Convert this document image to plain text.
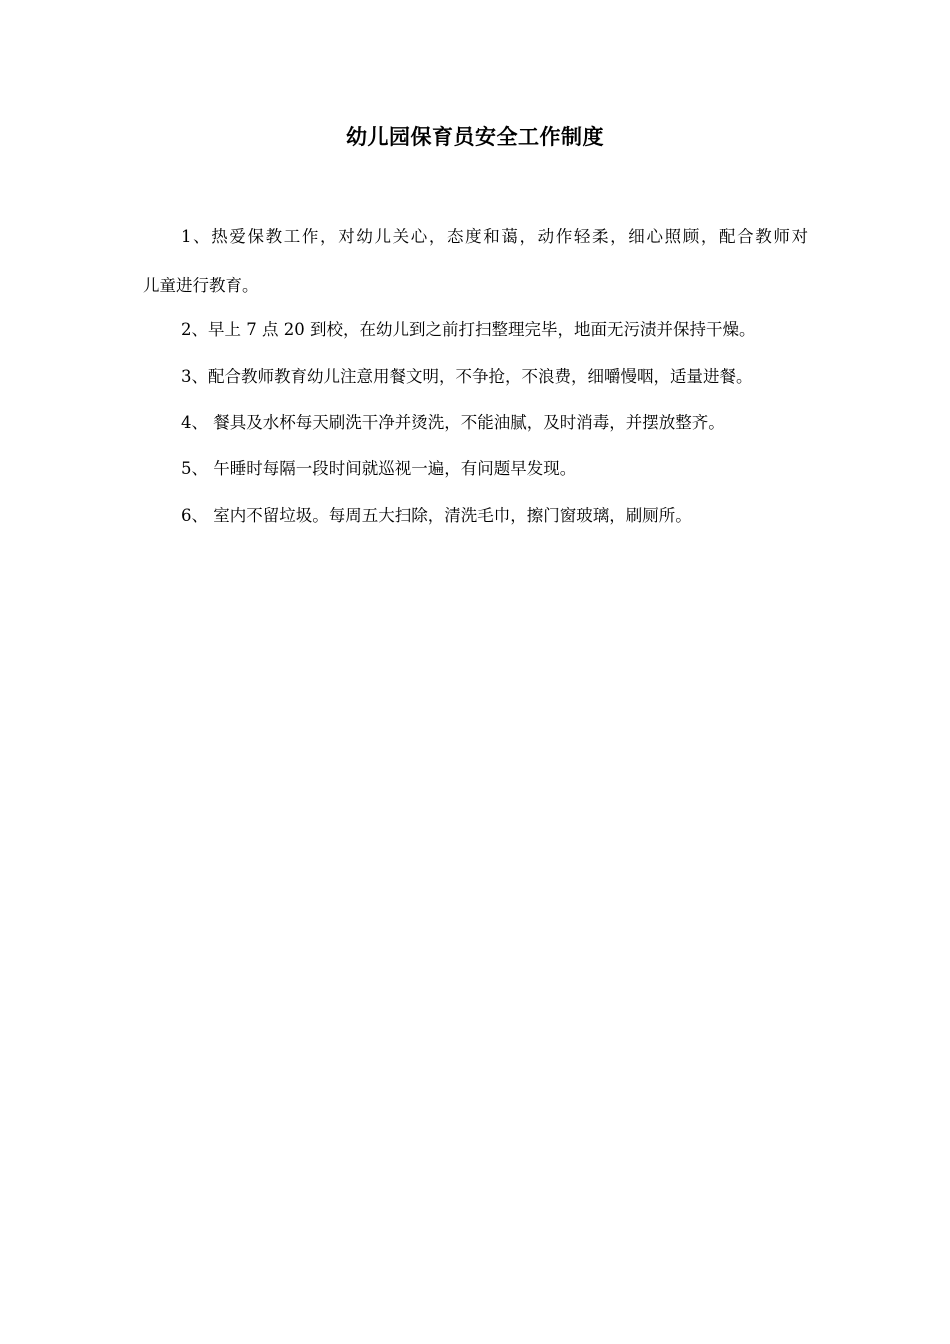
幼儿园保育员安全工作制度

1、热爱保教工作，对幼儿关心，态度和蔼，动作轻柔，细心照顾，配合教师对

儿童进行教育。

2、早上 7 点 20 到校，在幼儿到之前打扫整理完毕，地面无污渍并保持干燥。

3、配合教师教育幼儿注意用餐文明，不争抢，不浪费，细嚼慢咽，适量进餐。

4、 餐具及水杯每天刷洗干净并烫洗，不能油腻，及时消毒，并摆放整齐。

5、 午睡时每隔一段时间就巡视一遍，有问题早发现。

6、 室内不留垃圾。每周五大扫除，清洗毛巾，擦门窗玻璃，刷厕所。
